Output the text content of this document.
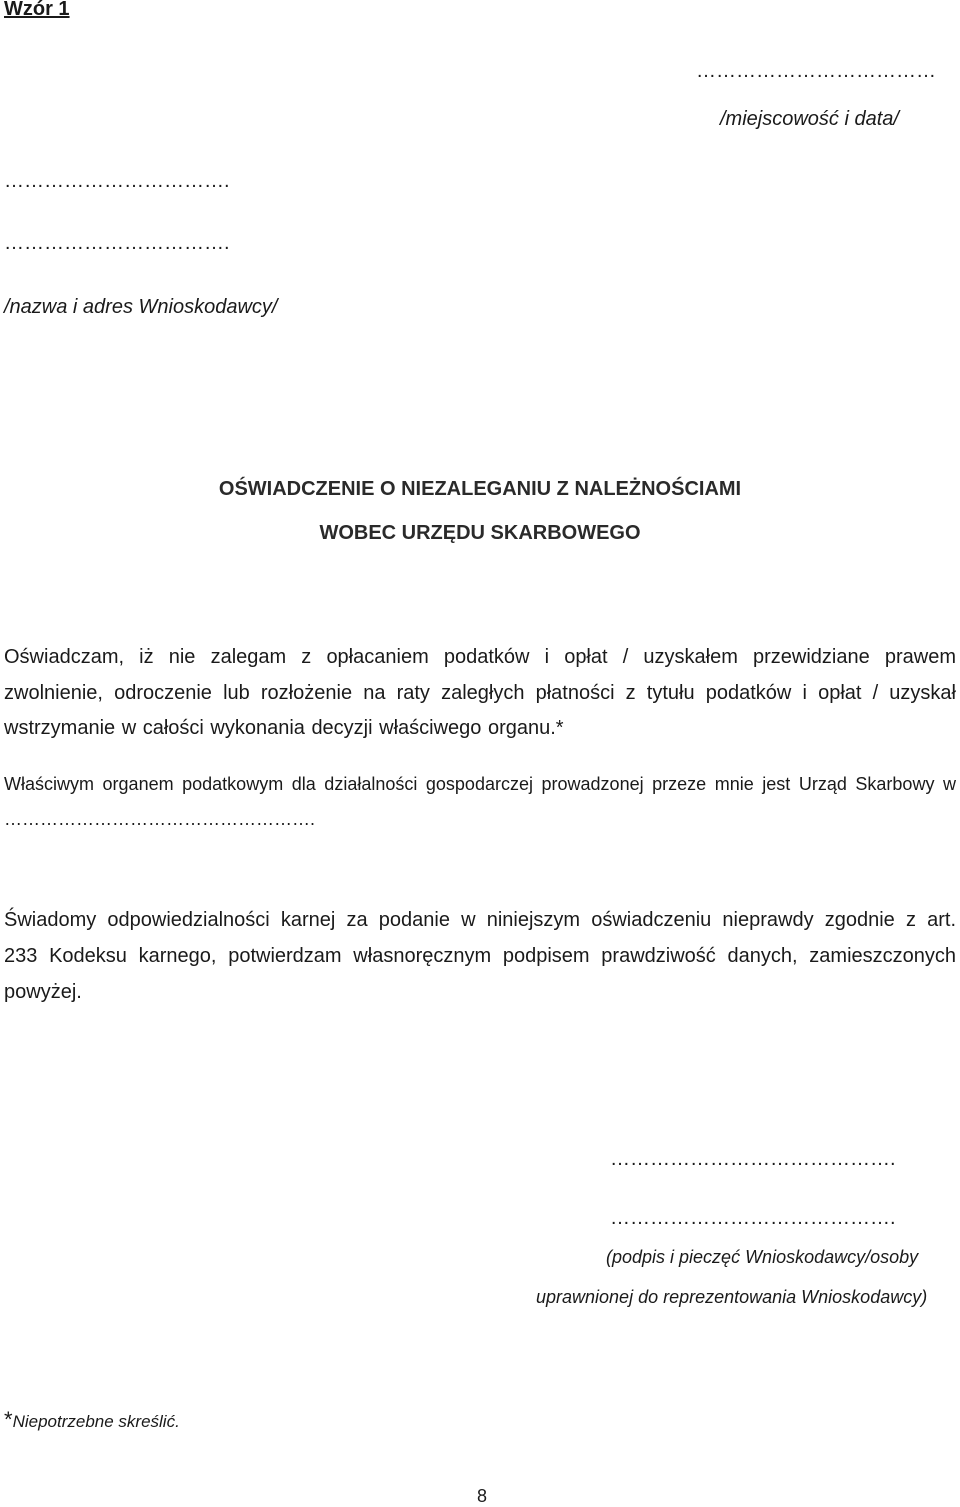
Wzór 1
………………………………
/miejscowość i data/
…………………………….
…………………………….
/nazwa i adres Wnioskodawcy/
OŚWIADCZENIE O NIEZALEGANIU Z NALEŻNOŚCIAMI
WOBEC URZĘDU SKARBOWEGO

Oświadczam, iż nie zalegam z opłacaniem podatków i opłat / uzyskałem przewidziane prawem zwolnienie, odroczenie lub rozłożenie na raty zaległych płatności z tytułu podatków i opłat / uzyskał wstrzymanie w całości wykonania decyzji właściwego organu.*

Właściwym organem podatkowym dla działalności gospodarczej prowadzonej przeze mnie jest Urząd Skarbowy w …………………………………………….

Świadomy odpowiedzialności karnej za podanie w niniejszym oświadczeniu nieprawdy zgodnie z art. 233 Kodeksu karnego, potwierdzam własnoręcznym podpisem prawdziwość danych, zamieszczonych powyżej.

…………………………………….
…………………………………….
(podpis i pieczęć Wnioskodawcy/osoby
uprawnionej do reprezentowania Wnioskodawcy)
*Niepotrzebne skreślić.
8
